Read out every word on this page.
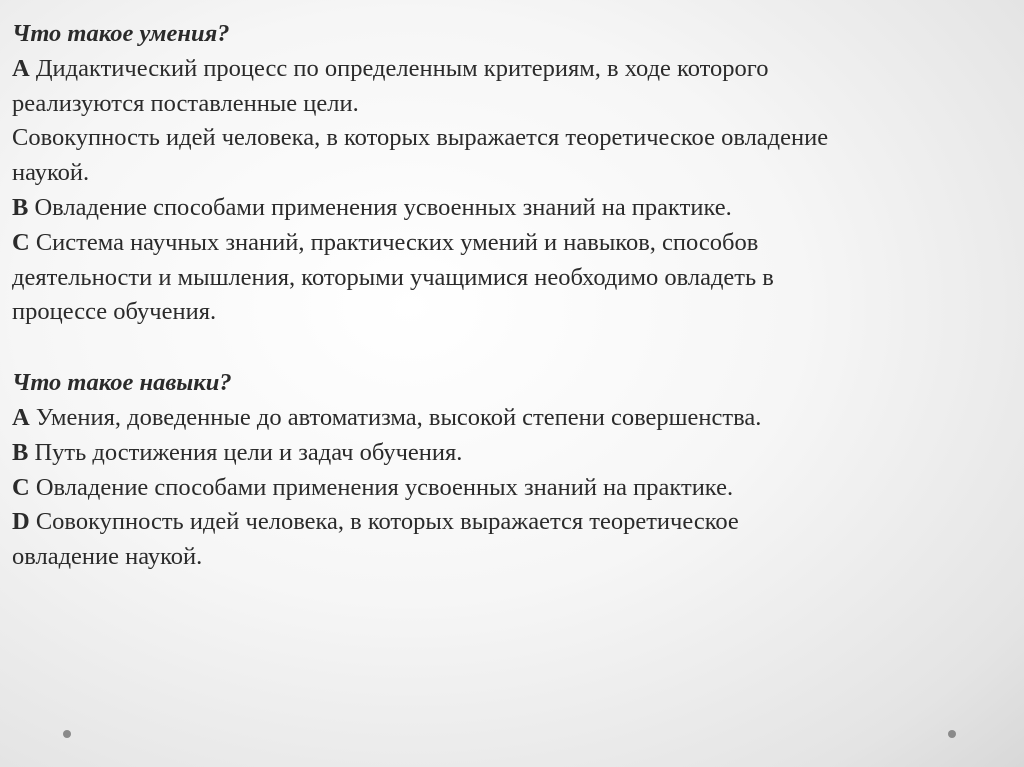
Что такое умения?
А Дидактический процесс по определенным критериям, в ходе которого
реализуются поставленные цели.
Совокупность идей человека, в которых выражается теоретическое овладение
наукой.
В Овладение способами применения усвоенных знаний на практике.
С Система научных знаний, практических умений и навыков, способов
деятельности и мышления, которыми учащимися необходимо овладеть в
процессе обучения.
Что такое навыки?
А Умения, доведенные до автоматизма, высокой степени совершенства.
В Путь достижения цели и задач обучения.
С Овладение способами применения усвоенных знаний на практике.
D Совокупность идей человека, в которых выражается теоретическое
овладение наукой.
